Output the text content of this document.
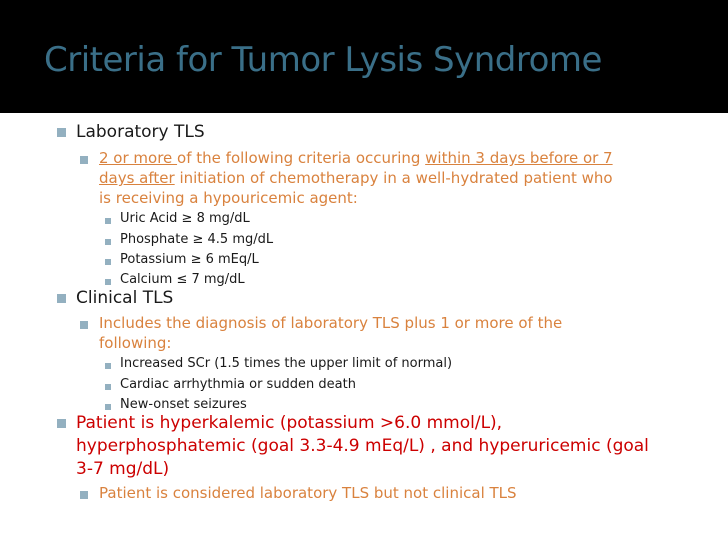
Criteria for Tumor Lysis Syndrome
Laboratory TLS
2 or more of the following criteria occuring within 3 days before or 7
days after initiation of chemotherapy in a well-hydrated patient who
is receiving a hypouricemic agent:
Uric Acid ≥ 8 mg/dL
Phosphate ≥ 4.5 mg/dL
Potassium ≥ 6 mEq/L
Calcium ≤ 7 mg/dL
Clinical TLS
Includes the diagnosis of laboratory TLS plus 1 or more of the
following:
Increased SCr (1.5 times the upper limit of normal)
Cardiac arrhythmia or sudden death
New-onset seizures
Patient is hyperkalemic (potassium >6.0 mmol/L),
hyperphosphatemic (goal 3.3-4.9 mEq/L) , and hyperuricemic (goal
3-7 mg/dL)
Patient is considered laboratory TLS but not clinical TLS
